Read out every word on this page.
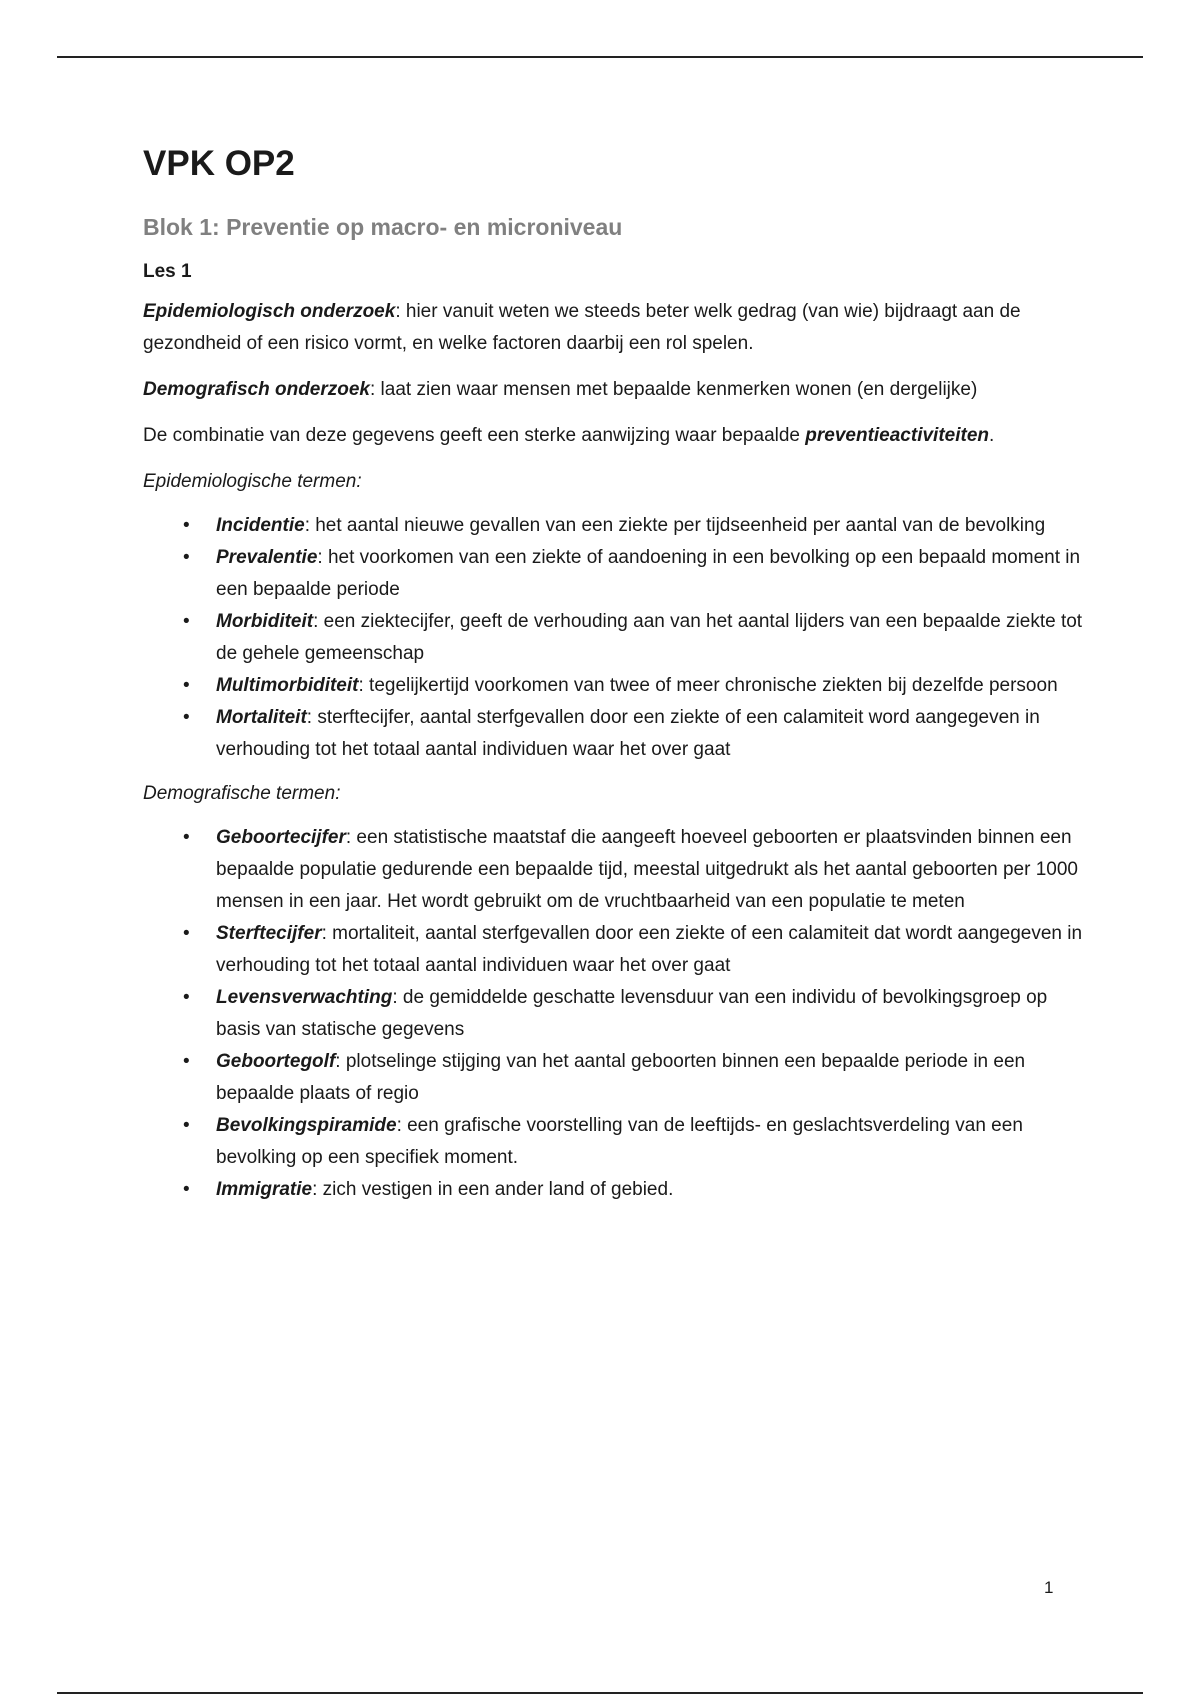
VPK OP2
Blok 1: Preventie op macro- en microniveau
Les 1

Epidemiologisch onderzoek: hier vanuit weten we steeds beter welk gedrag (van wie) bijdraagt aan de gezondheid of een risico vormt, en welke factoren daarbij een rol spelen.

Demografisch onderzoek: laat zien waar mensen met bepaalde kenmerken wonen (en dergelijke)

De combinatie van deze gegevens geeft een sterke aanwijzing waar bepaalde preventieactiviteiten.

Epidemiologische termen:
• Incidentie: het aantal nieuwe gevallen van een ziekte per tijdseenheid per aantal van de bevolking
• Prevalentie: het voorkomen van een ziekte of aandoening in een bevolking op een bepaald moment in een bepaalde periode
• Morbiditeit: een ziektecijfer, geeft de verhouding aan van het aantal lijders van een bepaalde ziekte tot de gehele gemeenschap
• Multimorbiditeit: tegelijkertijd voorkomen van twee of meer chronische ziekten bij dezelfde persoon
• Mortaliteit: sterftecijfer, aantal sterfgevallen door een ziekte of een calamiteit word aangegeven in verhouding tot het totaal aantal individuen waar het over gaat
Demografische termen:
• Geboortecijfer: een statistische maatstaf die aangeeft hoeveel geboorten er plaatsvinden binnen een bepaalde populatie gedurende een bepaalde tijd, meestal uitgedrukt als het aantal geboorten per 1000 mensen in een jaar. Het wordt gebruikt om de vruchtbaarheid van een populatie te meten
• Sterftecijfer: mortaliteit, aantal sterfgevallen door een ziekte of een calamiteit dat wordt aangegeven in verhouding tot het totaal aantal individuen waar het over gaat
• Levensverwachting: de gemiddelde geschatte levensduur van een individu of bevolkingsgroep op basis van statische gegevens
• Geboortegolf: plotselinge stijging van het aantal geboorten binnen een bepaalde periode in een bepaalde plaats of regio
• Bevolkingspiramide: een grafische voorstelling van de leeftijds- en geslachtsverdeling van een bevolking op een specifiek moment.
• Immigratie: zich vestigen in een ander land of gebied.
1
